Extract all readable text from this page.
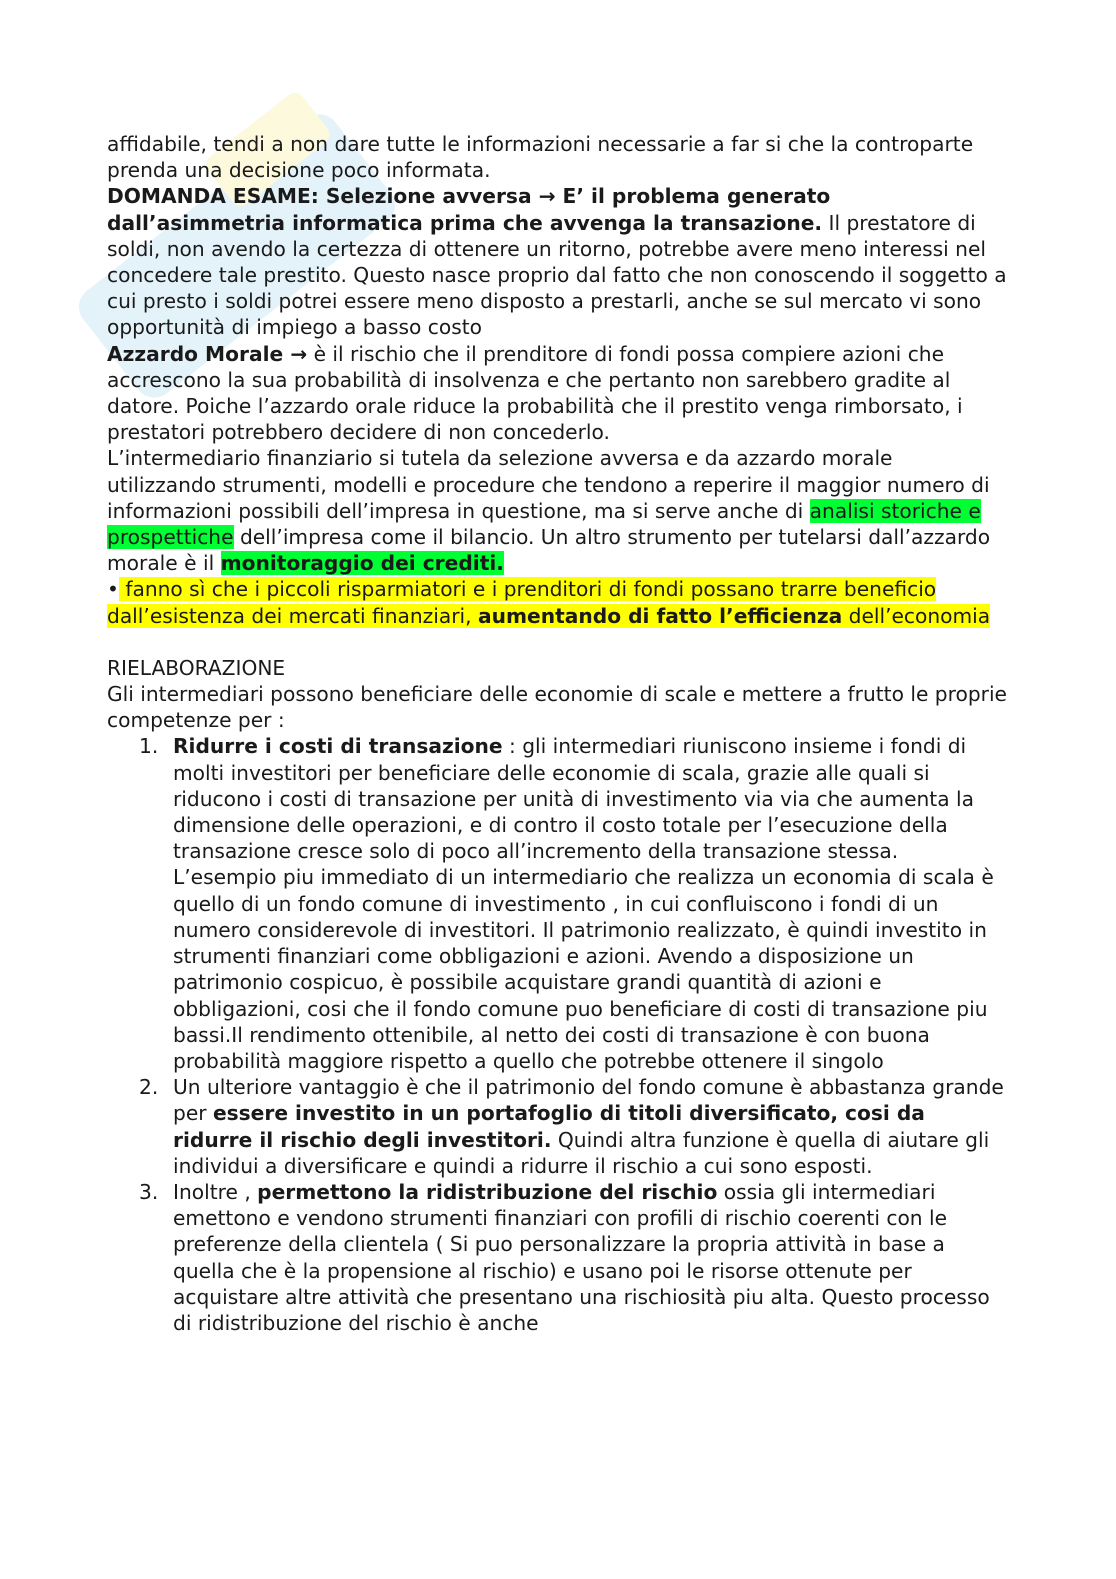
affidabile, tendi a non dare tutte le informazioni necessarie a far si che la controparte prenda una decisione poco informata.

DOMANDA ESAME: Selezione avversa → E’ il problema generato dall’asimmetria informatica prima che avvenga la transazione. Il prestatore di soldi, non avendo la certezza di ottenere un ritorno, potrebbe avere meno interessi nel concedere tale prestito. Questo nasce proprio dal fatto che non conoscendo il soggetto a cui presto i soldi potrei essere meno disposto a prestarli, anche se sul mercato vi sono opportunità di impiego a basso costo

Azzardo Morale → è il rischio che il prenditore di fondi possa compiere azioni che accrescono la sua probabilità di insolvenza e che pertanto non sarebbero gradite al datore. Poiche l’azzardo orale riduce la probabilità che il prestito venga rimborsato, i prestatori potrebbero decidere di non concederlo.

L’intermediario finanziario si tutela da selezione avversa e da azzardo morale utilizzando strumenti, modelli e procedure che tendono a reperire il maggior numero di informazioni possibili dell’impresa in questione, ma si serve anche di analisi storiche e prospettiche dell’impresa come il bilancio. Un altro strumento per tutelarsi dall’azzardo morale è il monitoraggio dei crediti.

• fanno sì che i piccoli risparmiatori e i prenditori di fondi possano trarre beneficio dall’esistenza dei mercati finanziari, aumentando di fatto l’efficienza dell’economia

RIELABORAZIONE

Gli intermediari possono beneficiare delle economie di scale e mettere a frutto le proprie competenze per :

1. Ridurre i costi di transazione : gli intermediari riuniscono insieme i fondi di molti investitori per beneficiare delle economie di scala, grazie alle quali si riducono i costi di transazione per unità di investimento via via che aumenta la dimensione delle operazioni, e di contro il costo totale per l’esecuzione della transazione cresce solo di poco all’incremento della transazione stessa. L’esempio piu immediato di un intermediario che realizza un economia di scala è quello di un fondo comune di investimento , in cui confluiscono i fondi di un numero considerevole di investitori. Il patrimonio realizzato, è quindi investito in strumenti finanziari come obbligazioni e azioni. Avendo a disposizione un patrimonio cospicuo, è possibile acquistare grandi quantità di azioni e obbligazioni, cosi che il fondo comune puo beneficiare di costi di transazione piu bassi.Il rendimento ottenibile, al netto dei costi di transazione è con buona probabilità maggiore rispetto a quello che potrebbe ottenere il singolo
2. Un ulteriore vantaggio è che il patrimonio del fondo comune è abbastanza grande per essere investito in un portafoglio di titoli diversificato, cosi da ridurre il rischio degli investitori. Quindi altra funzione è quella di aiutare gli individui a diversificare e quindi a ridurre il rischio a cui sono esposti.
3. Inoltre , permettono la ridistribuzione del rischio ossia gli intermediari emettono e vendono strumenti finanziari con profili di rischio coerenti con le preferenze della clientela ( Si puo personalizzare la propria attività in base a quella che è la propensione al rischio) e usano poi le risorse ottenute per acquistare altre attività che presentano una rischiosità piu alta. Questo processo di ridistribuzione del rischio è anche
